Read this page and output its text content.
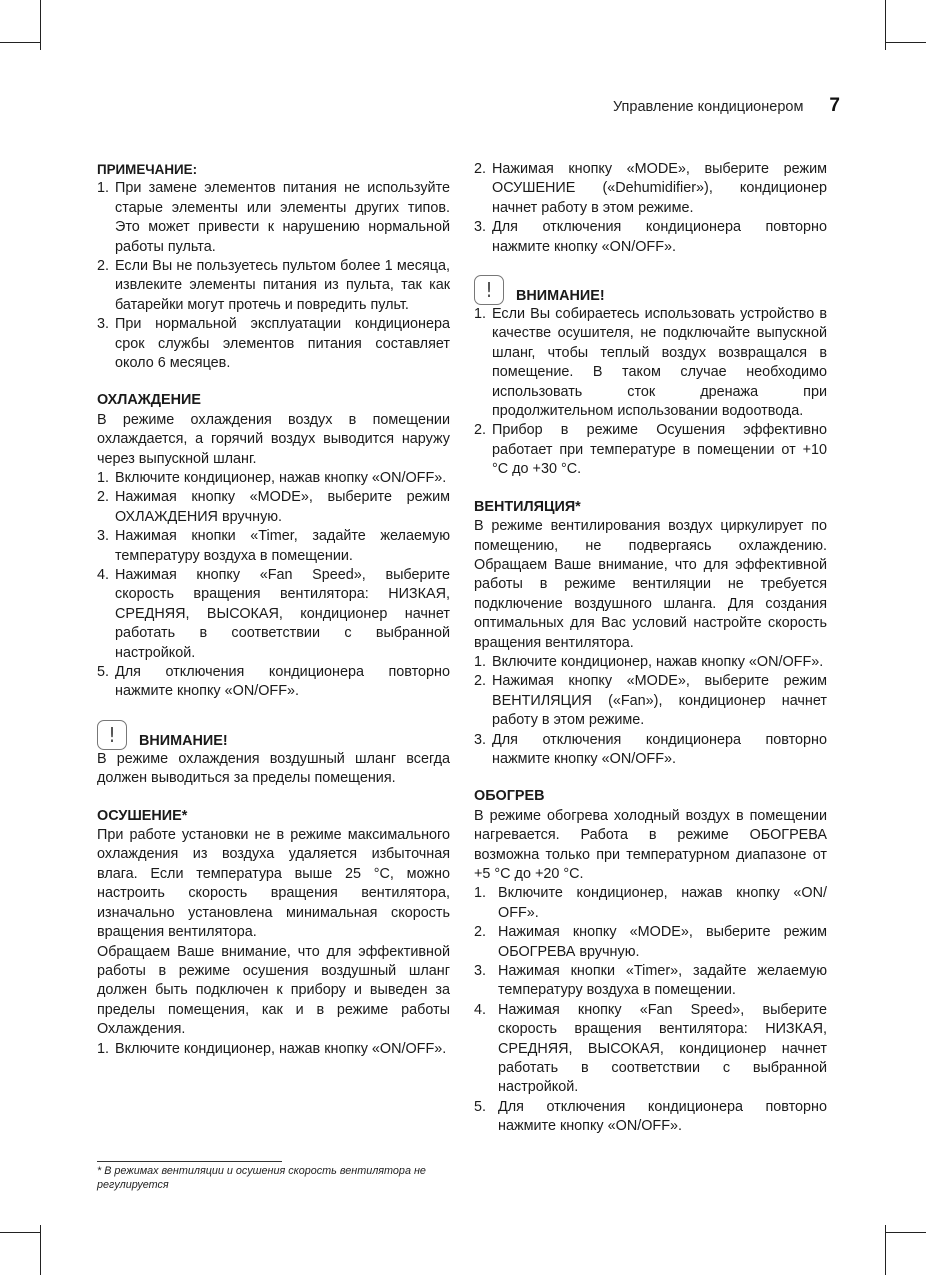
Управление кондиционером 7

ПРИМЕЧАНИЕ:

1. При замене элементов питания не используйте старые элементы или элементы других типов. Это может привести к нарушению нормальной работы пульта.
2. Если Вы не пользуетесь пультом более 1 месяца, извлеките элементы питания из пульта, так как батарейки могут протечь и повредить пульт.
3. При нормальной эксплуатации кондиционера срок службы элементов питания составляет около 6 месяцев.

ОХЛАЖДЕНИЕ

В режиме охлаждения воздух в помещении охлаждается, а горячий воздух выводится наружу через выпускной шланг.

1. Включите кондиционер, нажав кнопку «ON/OFF».
2. Нажимая кнопку «MODE», выберите режим ОХЛАЖДЕНИЯ вручную.
3. Нажимая кнопки «Timer, задайте желаемую температуру воздуха в помещении.
4. Нажимая кнопку «Fan Speed», выберите скорость вращения вентилятора: НИЗКАЯ, СРЕДНЯЯ, ВЫСОКАЯ, кондиционер начнет работать в соответствии с выбранной настройкой.
5. Для отключения кондиционера повторно нажмите кнопку «ON/OFF».
!	ВНИМАНИЕ!

В режиме охлаждения воздушный шланг всегда должен выводиться за пределы помещения.

ОСУШЕНИЕ*

При работе установки не в режиме максимального охлаждения из воздуха удаляется избыточная влага. Если температура выше 25 °С, можно настроить скорость вращения вентилятора, изначально установлена минимальная скорость вращения вентилятора.

Обращаем Ваше внимание, что для эффективной работы в режиме осушения воздушный шланг должен быть подключен к прибору и выведен за пределы помещения, как и в режиме работы Охлаждения.

1. Включите кондиционер, нажав кнопку «ON/OFF».
* В режимах вентиляции и осушения скорость вентилятора не регулируется
2. Нажимая кнопку «MODE», выберите режим ОСУШЕНИЕ («Dehumidifier»), кондиционер начнет работу в этом режиме.
3. Для отключения кондиционера повторно нажмите кнопку «ON/OFF».
!	ВНИМАНИЕ!
1. Если Вы собираетесь использовать устройство в качестве осушителя, не подключайте выпускной шланг, чтобы теплый воздух возвращался в помещение. В таком случае необходимо использовать сток дренажа при продолжительном использовании водоотвода.
2. Прибор в режиме Осушения эффективно работает при температуре в помещении от +10 °С до +30 °С.

ВЕНТИЛЯЦИЯ*

В режиме вентилирования воздух циркулирует по помещению, не подвергаясь охлаждению. Обращаем Ваше внимание, что для эффективной работы в режиме вентиляции не требуется подключение воздушного шланга. Для создания оптимальных для Вас условий настройте скорость вращения вентилятора.

1. Включите кондиционер, нажав кнопку «ON/OFF».
2. Нажимая кнопку «MODE», выберите режим ВЕНТИЛЯЦИЯ («Fan»), кондиционер начнет работу в этом режиме.
3. Для отключения кондиционера повторно нажмите кнопку «ON/OFF».

ОБОГРЕВ

В режиме обогрева холодный воздух в помещении нагревается. Работа в режиме ОБОГРЕВА возможна только при температурном диапазоне от +5 °С до +20 °С.

1. Включите кондиционер, нажав кнопку «ON/ OFF».
2. Нажимая кнопку «MODE», выберите режим ОБОГРЕВА вручную.
3. Нажимая кнопки «Timer», задайте желаемую температуру воздуха в помещении.
4. Нажимая кнопку «Fan Speed», выберите скорость вращения вентилятора: НИЗКАЯ, СРЕДНЯЯ, ВЫСОКАЯ, кондиционер начнет работать в соответствии с выбранной настройкой.
5. Для отключения кондиционера повторно нажмите кнопку «ON/OFF».
